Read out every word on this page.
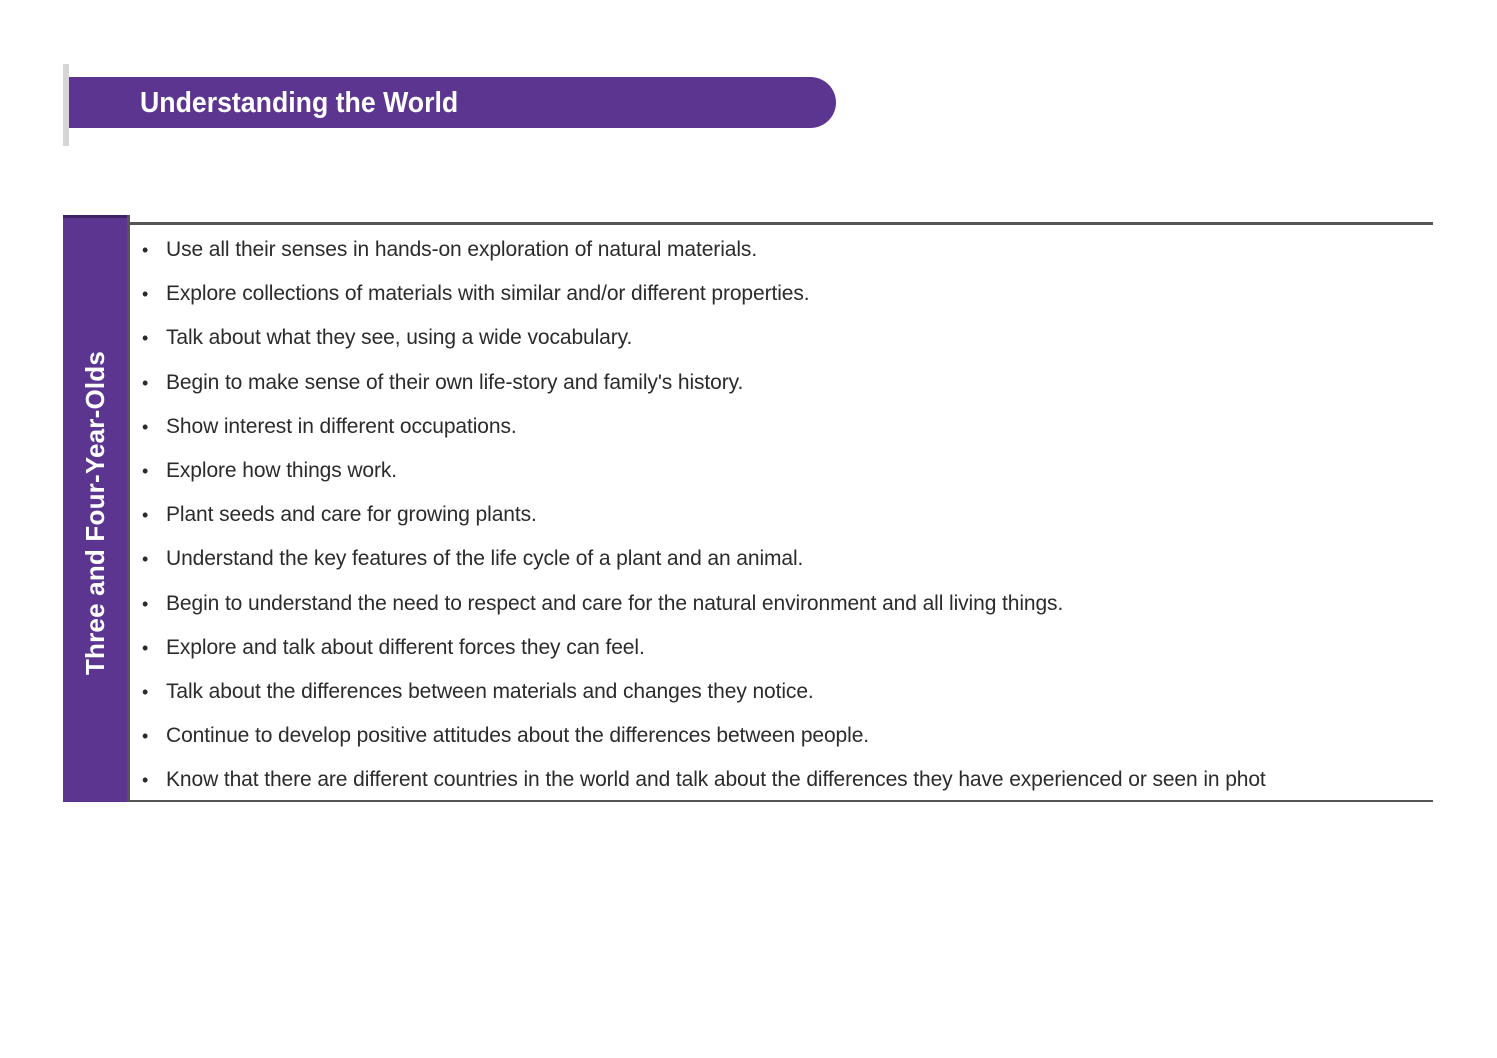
Understanding the World
Three and Four-Year-Olds
• Use all their senses in hands-on exploration of natural materials.
• Explore collections of materials with similar and/or different properties.
• Talk about what they see, using a wide vocabulary.
• Begin to make sense of their own life-story and family's history.
• Show interest in different occupations.
• Explore how things work.
• Plant seeds and care for growing plants.
• Understand the key features of the life cycle of a plant and an animal.
• Begin to understand the need to respect and care for the natural environment and all living things.
• Explore and talk about different forces they can feel.
• Talk about the differences between materials and changes they notice.
• Continue to develop positive attitudes about the differences between people.
• Know that there are different countries in the world and talk about the differences they have experienced or seen in phot
